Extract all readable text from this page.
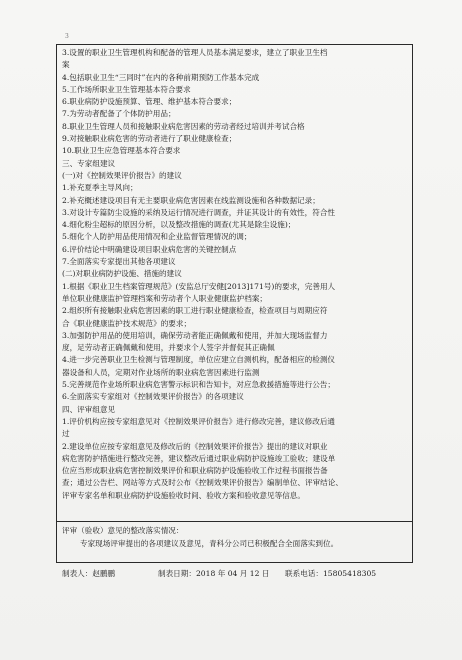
3
3.设置的职业卫生管理机构和配备的管理人员基本满足要求，建立了职业卫生档
案
4.包括职业卫生“三同时”在内的各种前期预防工作基本完成
5.工作场所职业卫生管理基本符合要求
6.职业病防护设施预算、管理、维护基本符合要求；
7.为劳动者配备了个体防护用品；
8.职业卫生管理人员和接触职业病危害因素的劳动者经过培训并考试合格
9.对接触职业病危害的劳动者进行了职业健康检查；
10.职业卫生应急管理基本符合要求
三、专家组建议
(一)对《控制效果评价报告》的建议
1.补充夏季主导风向；
2.补充概述建设项目有无主要职业病危害因素在线监测设施和各种数据记录；
3.对设计专篇防尘设施的采纳及运行情况进行调查，并证其设计的有效性，符合性
4.细化粉尘超标的原因分析，以及整改措施的调查(尤其是除尘设施)；
5.细化个人防护用品使用情况和企业监督管理情况的调；
6.评价结论中明确建设项目职业病危害的关键控制点
7.全面落实专家提出其他各项建议
(二)对职业病防护设施、措施的建议
1.根据《职业卫生档案管理规范》(安监总厅安健[2013]171号)的要求，完善用人
单位职业健康监护管理档案和劳动者个人职业健康监护档案；
2.组织所有接触职业病危害因素的职工进行职业健康检查，检查项目与周期应符
合《职业健康监护技术规范》的要求；
3.加强防护用品的使用培训，确保劳动者能正确佩戴和使用，并加大现场监督力
度，足劳动者正确佩戴和使用，并要求个人签字并督促其正确佩
4.进一步完善职业卫生检测与管理制度，单位应建立自测机构，配备相应的检测仪
器设备和人员，定期对作业场所的职业病危害因素进行监测
5.完善规范作业场所职业病危害警示标识和告知卡，对应急救援措施等进行公告；
6.全面落实专家组对《控制效果评价报告》的各项建议
四、评审组意见
1.评价机构应按专家组意见对《控制效果评价报告》进行修改完善，建议修改后通
过
2.建设单位应按专家组意见及修改后的《控制效果评价报告》提出的建议对职业
病危害防护措施进行整改完善，建议整改后通过职业病防护设施竣工验收；建设单
位应当形成职业病危害控制效果评价和职业病防护设施验收工作过程书面报告备
查；通过公告栏、网站等方式及时公布《控制效果评价报告》编制单位、评审结论、
评审专家名单和职业病防护设施验收时间、验收方案和验收意见等信息。
评审（验收）意见的整改落实情况：
专家现场评审提出的各项建议及意见，青科分公司已积极配合全面落实到位。
制表人：赵鹏鹏	制表日期：2018 年 04 月 12 日	联系电话：15805418305
